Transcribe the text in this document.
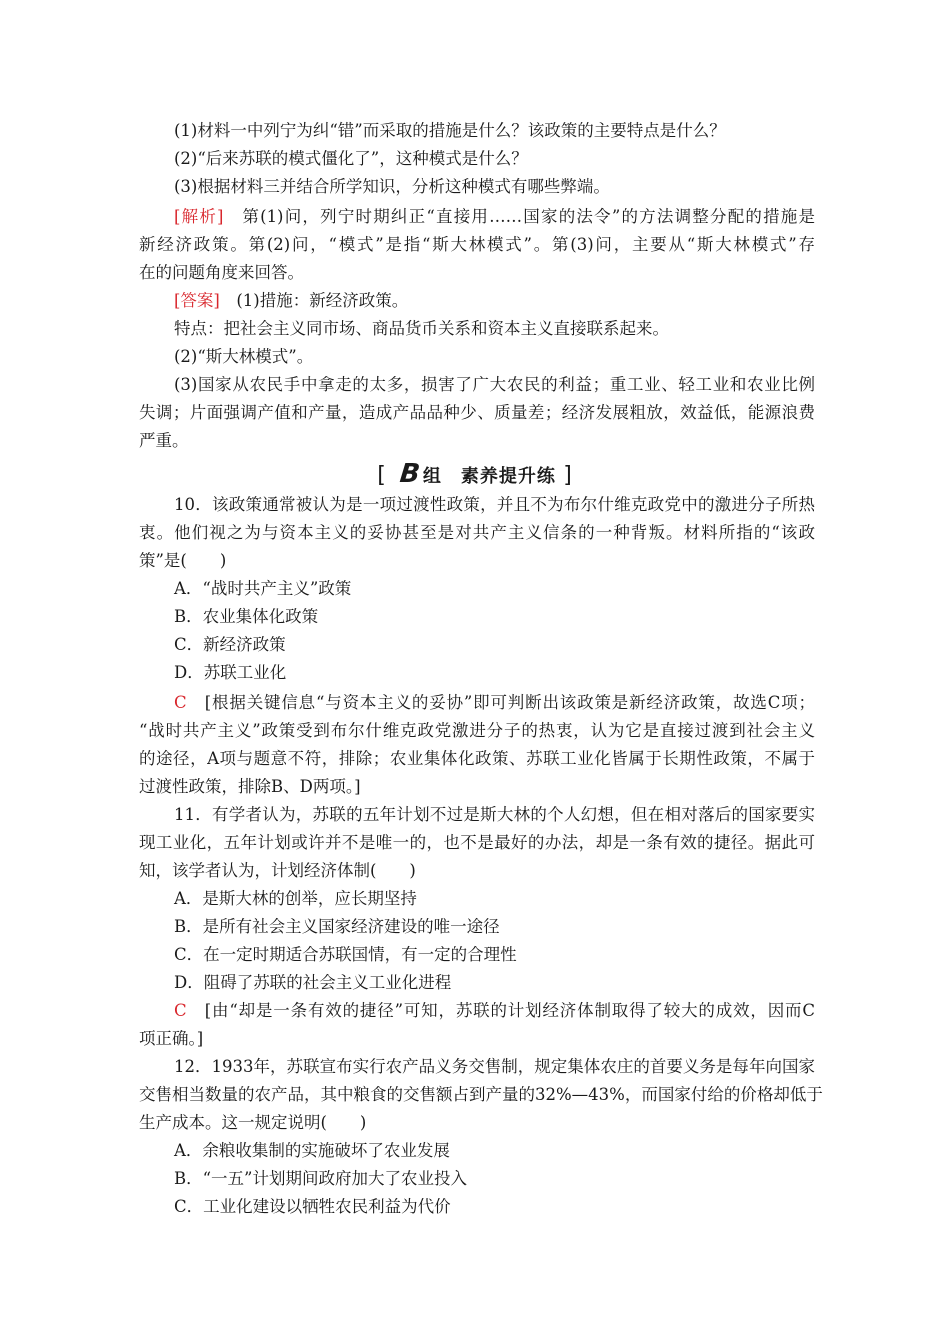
(1)材料一中列宁为纠“错”而采取的措施是什么？该政策的主要特点是什么？
(2)“后来苏联的模式僵化了”，这种模式是什么？
(3)根据材料三并结合所学知识，分析这种模式有哪些弊端。
[解析]　 第(1)问，列宁时期纠正“直接用……国家的法令”的方法调整分配的措施是
新经济政策。第(2)问，“模式”是指“斯大林模式”。第(3)问，主要从“斯大林模式”存
在的问题角度来回答。
[答案]　 (1)措施：新经济政策。
特点：把社会主义同市场、商品货币关系和资本主义直接联系起来。
(2)“斯大林模式”。
(3)国家从农民手中拿走的太多，损害了广大农民的利益；重工业、轻工业和农业比例
失调；片面强调产值和产量，造成产品品种少、质量差；经济发展粗放，效益低，能源浪费
严重。
[ B组　素养提升练 ]
10．该政策通常被认为是一项过渡性政策，并且不为布尔什维克政党中的激进分子所热
衷。他们视之为与资本主义的妥协甚至是对共产主义信条的一种背叛。材料所指的“该政
策”是(　　)
A．“战时共产主义”政策
B．农业集体化政策
C．新经济政策
D．苏联工业化
C　 [根据关键信息“与资本主义的妥协”即可判断出该政策是新经济政策，故选C项；
“战时共产主义”政策受到布尔什维克政党激进分子的热衷，认为它是直接过渡到社会主义
的途径，A项与题意不符，排除；农业集体化政策、苏联工业化皆属于长期性政策，不属于
过渡性政策，排除B、D两项。]
11．有学者认为，苏联的五年计划不过是斯大林的个人幻想，但在相对落后的国家要实
现工业化，五年计划或许并不是唯一的，也不是最好的办法，却是一条有效的捷径。据此可
知，该学者认为，计划经济体制(　　)
A．是斯大林的创举，应长期坚持
B．是所有社会主义国家经济建设的唯一途径
C．在一定时期适合苏联国情，有一定的合理性
D．阻碍了苏联的社会主义工业化进程
C　 [由“却是一条有效的捷径”可知，苏联的计划经济体制取得了较大的成效，因而C
项正确。]
12．1933年，苏联宣布实行农产品义务交售制，规定集体农庄的首要义务是每年向国家
交售相当数量的农产品，其中粮食的交售额占到产量的32%—43%，而国家付给的价格却低于
生产成本。这一规定说明(　　)
A．余粮收集制的实施破坏了农业发展
B．“一五”计划期间政府加大了农业投入
C．工业化建设以牺牲农民利益为代价
